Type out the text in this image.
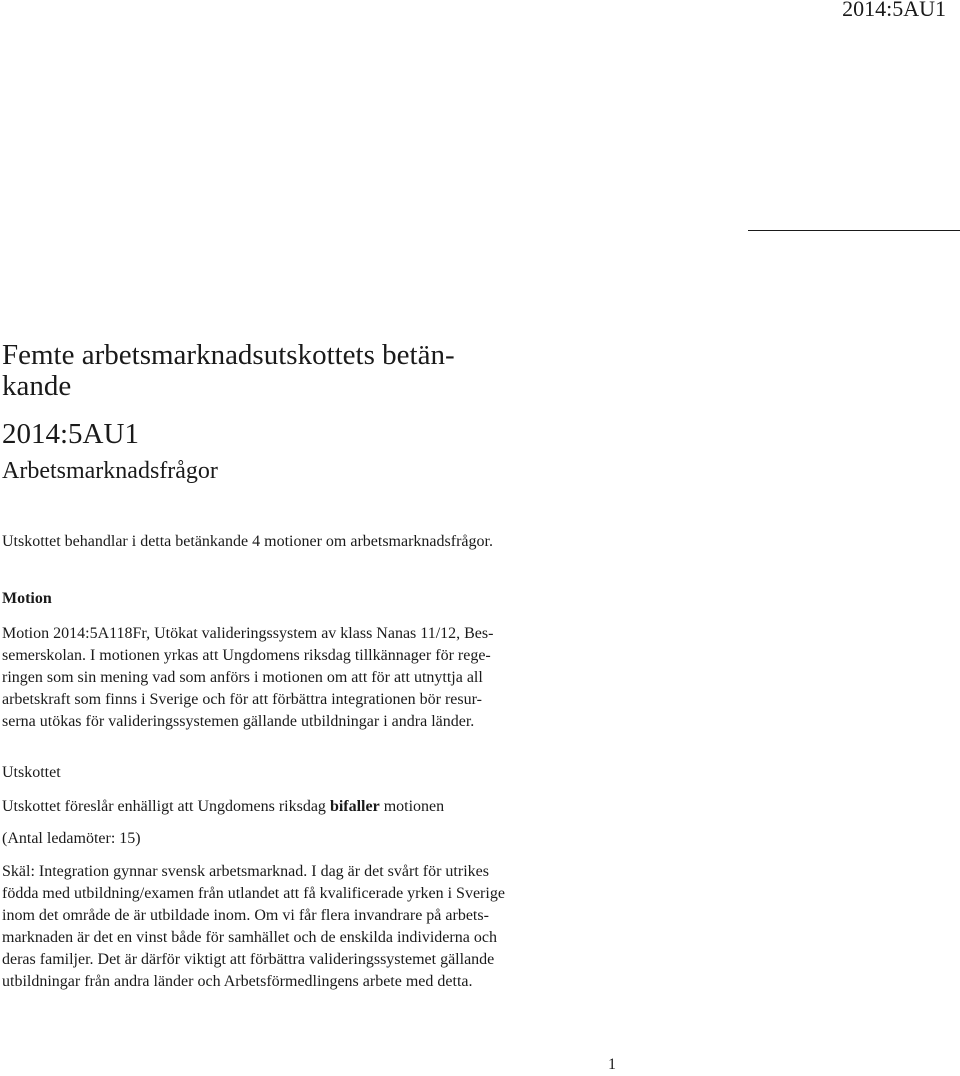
2014:5AU1
Femte arbetsmarknadsutskottets betän-
kande
2014:5AU1
Arbetsmarknadsfrågor

Utskottet behandlar i detta betänkande 4 motioner om arbetsmarknadsfrågor.

Motion

Motion 2014:5A118Fr, Utökat valideringssystem av klass Nanas 11/12, Bes-
semerskolan. I motionen yrkas att Ungdomens riksdag tillkännager för rege-
ringen som sin mening vad som anförs i motionen om att för att utnyttja all
arbetskraft som finns i Sverige och för att förbättra integrationen bör resur-
serna utökas för valideringssystemen gällande utbildningar i andra länder.

Utskottet

Utskottet föreslår enhälligt att Ungdomens riksdag bifaller motionen

(Antal ledamöter: 15)

Skäl: Integration gynnar svensk arbetsmarknad. I dag är det svårt för utrikes
födda med utbildning/examen från utlandet att få kvalificerade yrken i Sverige
inom det område de är utbildade inom. Om vi får flera invandrare på arbets-
marknaden är det en vinst både för samhället och de enskilda individerna och
deras familjer. Det är därför viktigt att förbättra valideringssystemet gällande
utbildningar från andra länder och Arbetsförmedlingens arbete med detta.

1
